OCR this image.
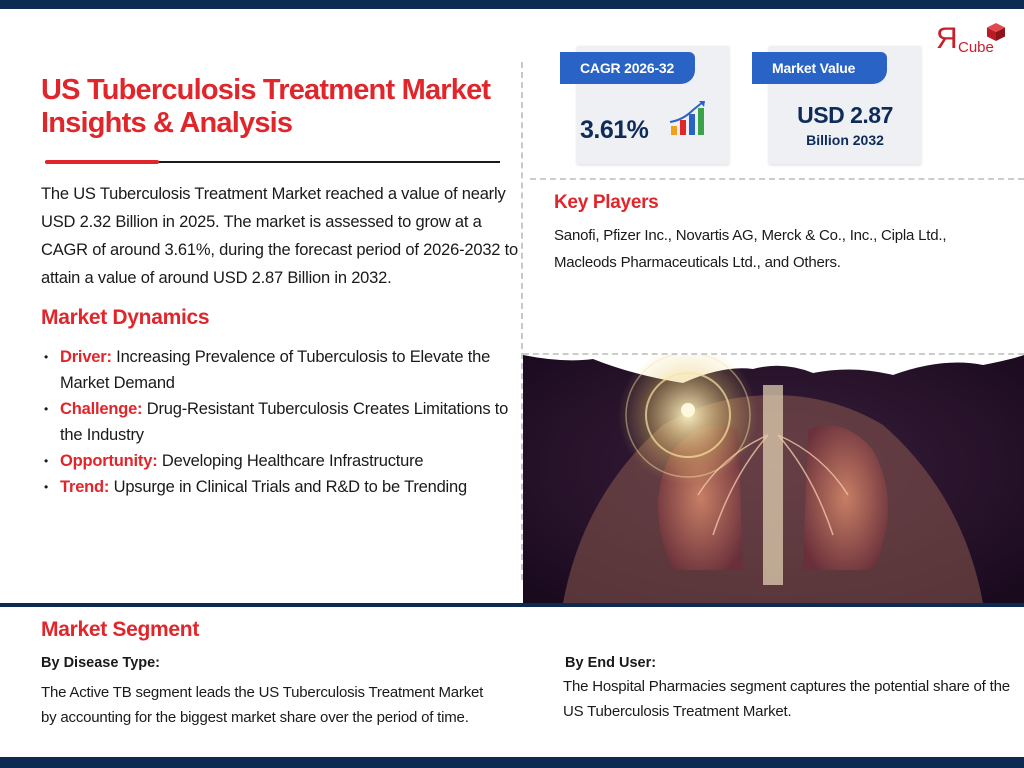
US Tuberculosis Treatment Market Insights & Analysis

The US Tuberculosis Treatment Market reached a value of nearly USD 2.32 Billion in 2025. The market is assessed to grow at a CAGR of around 3.61%, during the forecast period of 2026-2032 to attain a value of around USD 2.87 Billion in 2032.

Market Dynamics
• Driver: Increasing Prevalence of Tuberculosis to Elevate the Market Demand
• Challenge: Drug-Resistant Tuberculosis Creates Limitations to the Industry
• Opportunity: Developing Healthcare Infrastructure
• Trend: Upsurge in Clinical Trials and R&D to be Trending
CAGR 2026-32
3.61%
Market Value
USD 2.87
Billion 2032
R Cube
Key Players

Sanofi, Pfizer Inc., Novartis AG, Merck & Co., Inc., Cipla Ltd., Macleods Pharmaceuticals Ltd., and Others.

Market Segment
By Disease Type:

The Active TB segment leads the US Tuberculosis Treatment Market by accounting for the biggest market share over the period of time.

By End User:

The Hospital Pharmacies segment captures the potential share of the US Tuberculosis Treatment Market.
